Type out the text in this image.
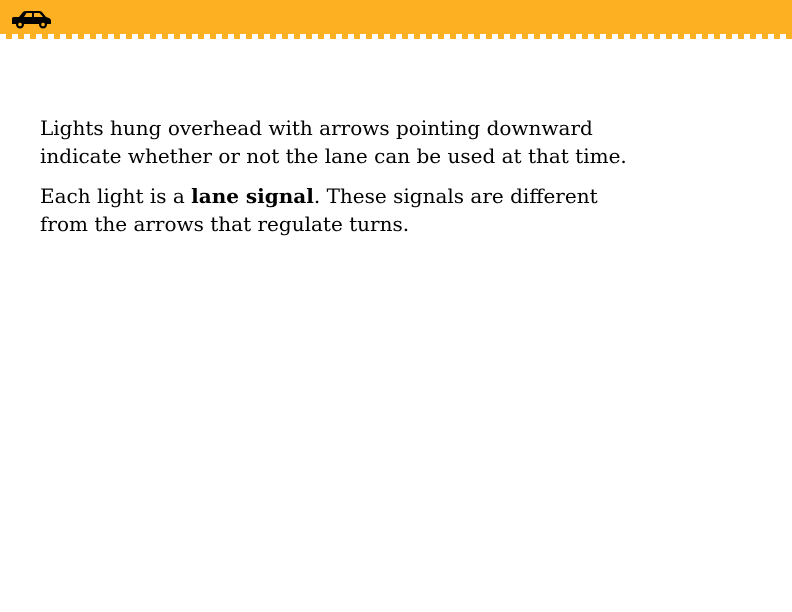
Lights hung overhead with arrows pointing downward indicate whether or not the lane can be used at that time.

Each light is a lane signal. These signals are different from the arrows that regulate turns.
